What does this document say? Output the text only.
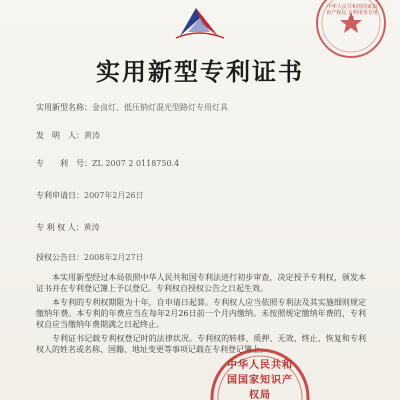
中华人民共和国国家知识产权局 专利审查专用章
实用新型专利证书
实用新型名称：金卤灯、低压钠灯混光型路灯专用灯具
发　明　人：黄涛
专　　利　号：ZL 2007 2 0118750.4
专利申请日：2007年2月26日
专 利 权 人：黄涛
授权公告日：2008年2月27日

本实用新型经过本局依照中华人民共和国专利法进行初步审查，决定授予专利权，颁发本证书并在专利登记簿上予以登记。专利权自授权公告之日起生效。

本专利的专利权期限为十年，自申请日起算。专利权人应当依照专利法及其实施细则规定缴纳年费。本专利的年费应当在每年2月26日前一个月内缴纳。未按照规定缴纳年费的，专利权自应当缴纳年费期满之日起终止。

专利证书记载专利权登记时的法律状况。专利权的转移、质押、无效、终止、恢复和专利权人的姓名或名称、国籍、地址变更等事项记载在专利登记簿上。

中华人民共和国国家知识产权局
